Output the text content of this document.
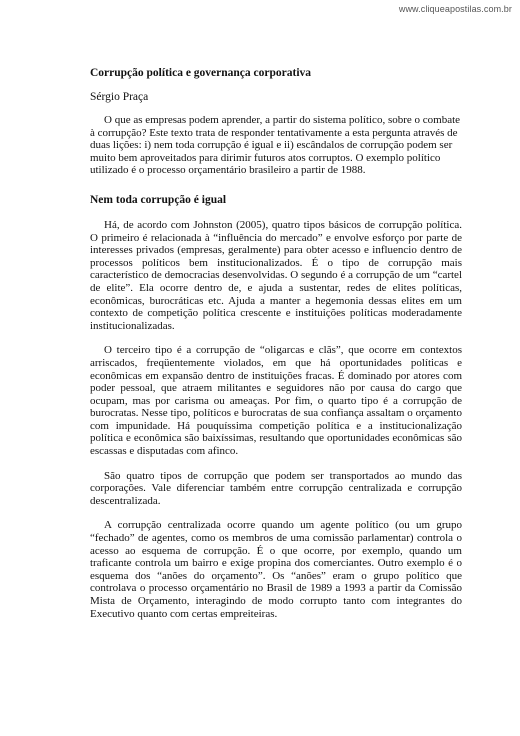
www.cliqueapostilas.com.br
Corrupção política e governança corporativa
Sérgio Praça

O que as empresas podem aprender, a partir do sistema político, sobre o combate à corrupção? Este texto trata de responder tentativamente a esta pergunta através de duas lições: i) nem toda corrupção é igual e ii) escândalos de corrupção podem ser muito bem aproveitados para dirimir futuros atos corruptos. O exemplo político utilizado é o processo orçamentário brasileiro a partir de 1988.

Nem toda corrupção é igual

Há, de acordo com Johnston (2005), quatro tipos básicos de corrupção política. O primeiro é relacionada à “influência do mercado” e envolve esforço por parte de interesses privados (empresas, geralmente) para obter acesso e influencio dentro de processos políticos bem institucionalizados. É o tipo de corrupção mais característico de democracias desenvolvidas. O segundo é a corrupção de um “cartel de elite”. Ela ocorre dentro de, e ajuda a sustentar, redes de elites políticas, econômicas, burocráticas etc. Ajuda a manter a hegemonia dessas elites em um contexto de competição política crescente e instituições políticas moderadamente institucionalizadas.

O terceiro tipo é a corrupção de “oligarcas e clãs”, que ocorre em contextos arriscados, freqüentemente violados, em que há oportunidades políticas e econômicas em expansão dentro de instituições fracas. É dominado por atores com poder pessoal, que atraem militantes e seguidores não por causa do cargo que ocupam, mas por carisma ou ameaças. Por fim, o quarto tipo é a corrupção de burocratas. Nesse tipo, políticos e burocratas de sua confiança assaltam o orçamento com impunidade. Há pouquíssima competição política e a institucionalização política e econômica são baixíssimas, resultando que oportunidades econômicas são escassas e disputadas com afinco.

São quatro tipos de corrupção que podem ser transportados ao mundo das corporações. Vale diferenciar também entre corrupção centralizada e corrupção descentralizada.

A corrupção centralizada ocorre quando um agente político (ou um grupo “fechado” de agentes, como os membros de uma comissão parlamentar) controla o acesso ao esquema de corrupção. É o que ocorre, por exemplo, quando um traficante controla um bairro e exige propina dos comerciantes. Outro exemplo é o esquema dos “anões do orçamento”. Os “anões” eram o grupo político que controlava o processo orçamentário no Brasil de 1989 a 1993 a partir da Comissão Mista de Orçamento, interagindo de modo corrupto tanto com integrantes do Executivo quanto com certas empreiteiras.
